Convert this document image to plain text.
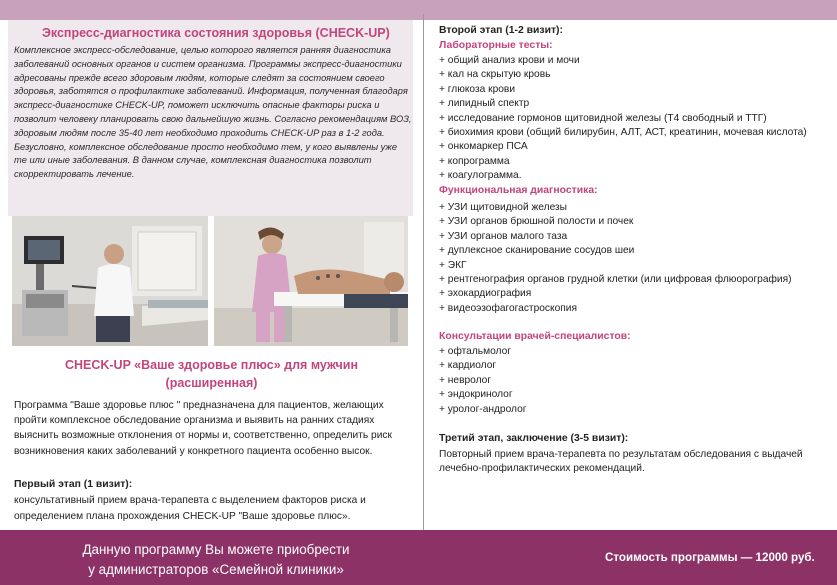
Экспресс-диагностика состояния здоровья (CHECK-UP)

Комплексное экспресс-обследование, целью которого является ранняя диагностика заболеваний основных органов и систем организма. Программы экспресс-диагностики адресованы прежде всего здоровым людям, которые следят за состоянием своего здоровья, заботятся о профилактике заболеваний. Информация, полученная благодаря экспресс-диагностике CHECK-UP, поможет исключить опасные факторы риска и позволит человеку планировать свою дальнейшую жизнь. Согласно рекомендациям ВОЗ, здоровым людям после 35-40 лет необходимо проходить CHECK-UP раз в 1-2 года. Безусловно, комплексное обследование просто необходимо тем, у кого выявлены уже те или иные заболевания. В данном случае, комплексная диагностика позволит скорректировать лечение.

CHECK-UP «Ваше здоровье плюс» для мужчин
(расширенная)

Программа "Ваше здоровье плюс " предназначена для пациентов, желающих пройти комплексное обследование организма и выявить на ранних стадиях выяснить возможные отклонения от нормы и, соответственно, определить риск возникновения каких заболеваний у конкретного пациента особенно высок.

Первый этап (1 визит):

консультативный прием врача-терапевта с выделением факторов риска и определением плана прохождения CHECK-UP "Ваше здоровье плюс».

Второй этап (1-2 визит):
Лабораторные тесты:
+ общий анализ крови и мочи
+ кал на скрытую кровь
+ глюкоза крови
+ липидный спектр
+ исследование гормонов щитовидной железы (Т4 свободный и ТТГ)
+ биохимия крови (общий билирубин, АЛТ, АСТ, креатинин, мочевая кислота)
+ онкомаркер ПСА
+ копрограмма
+ коагулограмма.
Функциональная диагностика:
+ УЗИ щитовидной железы
+ УЗИ органов брюшной полости и почек
+ УЗИ органов малого таза
+ дуплексное сканирование сосудов шеи
+ ЭКГ
+ рентгенография органов грудной клетки (или цифровая флюорография)
+ эхокардиография
+ видеоэзофагогастроскопия
Консультации врачей-специалистов:
+ офтальмолог
+ кардиолог
+ невролог
+ эндокринолог
+ уролог-андролог
Третий этап, заключение (3-5 визит):

Повторный прием врача-терапевта по результатам обследования с выдачей лечебно-профилактических рекомендаций.

Данную программу Вы можете приобрести
у администраторов «Семейной клиники»
Стоимость программы — 12000 руб.
